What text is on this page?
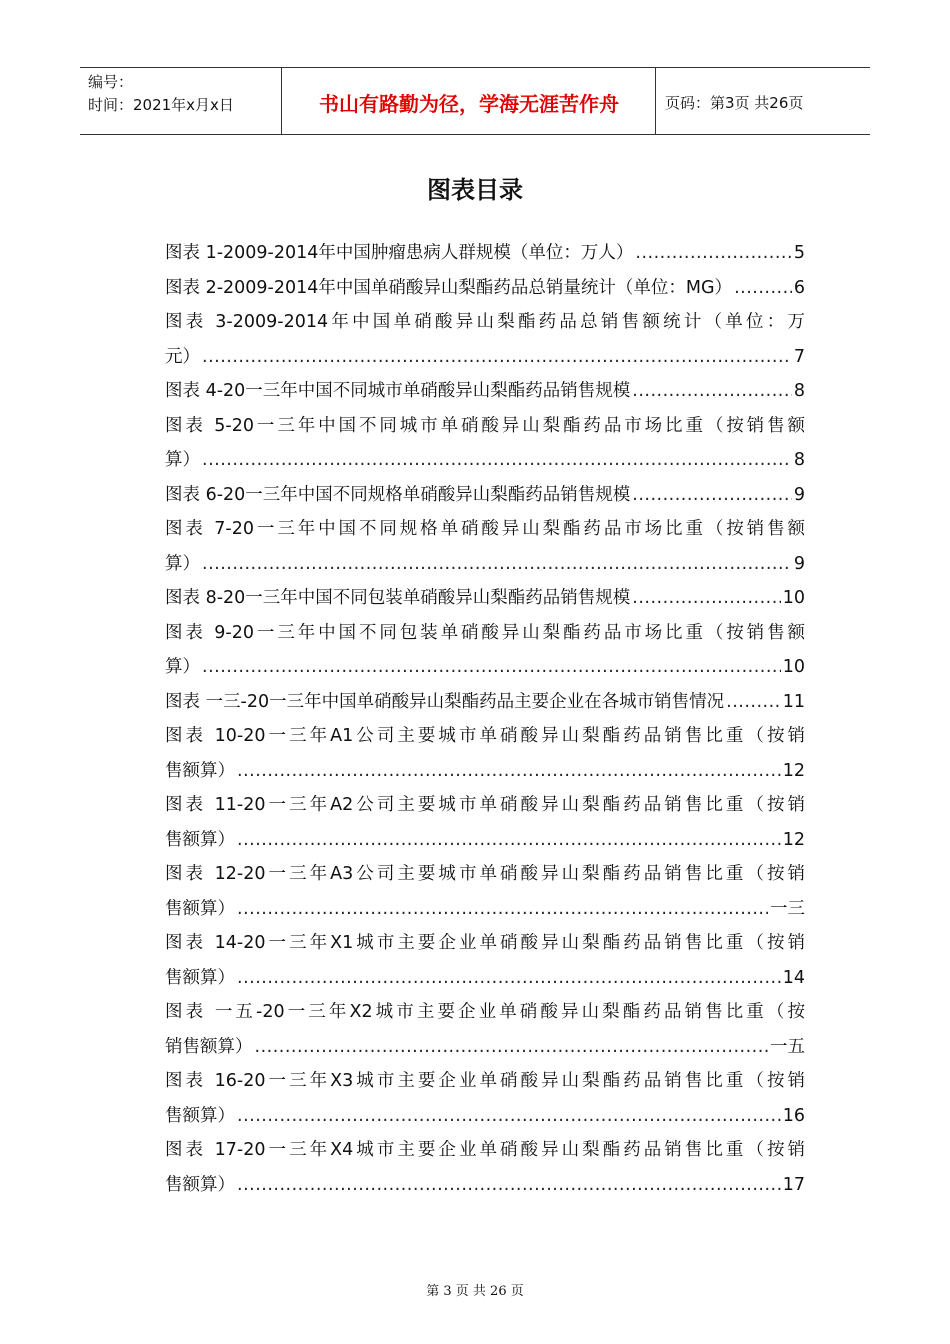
编号：
时间：2021年x月x日	书山有路勤为径，学海无涯苦作舟	页码：第3页 共26页
图表目录
图表 1-2009-2014年中国肿瘤患病人群规模（单位：万人） .....	5
图表 2-2009-2014年中国单硝酸异山梨酯药品总销量统计（单位：MG） .....	6
图表 3-2009-2014年中国单硝酸异山梨酯药品总销售额统计（单位：万
元） .....	7
图表 4-20一三年中国不同城市单硝酸异山梨酯药品销售规模 .....	8
图表 5-20一三年中国不同城市单硝酸异山梨酯药品市场比重（按销售额
算） .....	8
图表 6-20一三年中国不同规格单硝酸异山梨酯药品销售规模 .....	9
图表 7-20一三年中国不同规格单硝酸异山梨酯药品市场比重（按销售额
算） .....	9
图表 8-20一三年中国不同包装单硝酸异山梨酯药品销售规模 .....	10
图表 9-20一三年中国不同包装单硝酸异山梨酯药品市场比重（按销售额
算） .....	10
图表 一三-20一三年中国单硝酸异山梨酯药品主要企业在各城市销售情况 .....	11
图表 10-20一三年A1公司主要城市单硝酸异山梨酯药品销售比重（按销
售额算） .....	12
图表 11-20一三年A2公司主要城市单硝酸异山梨酯药品销售比重（按销
售额算） .....	12
图表 12-20一三年A3公司主要城市单硝酸异山梨酯药品销售比重（按销
售额算） .....	一三
图表 14-20一三年X1城市主要企业单硝酸异山梨酯药品销售比重（按销
售额算） .....	14
图表 一五-20一三年X2城市主要企业单硝酸异山梨酯药品销售比重（按
销售额算） .....	一五
图表 16-20一三年X3城市主要企业单硝酸异山梨酯药品销售比重（按销
售额算） .....	16
图表 17-20一三年X4城市主要企业单硝酸异山梨酯药品销售比重（按销
售额算） .....	17
第 3 页 共 26 页
